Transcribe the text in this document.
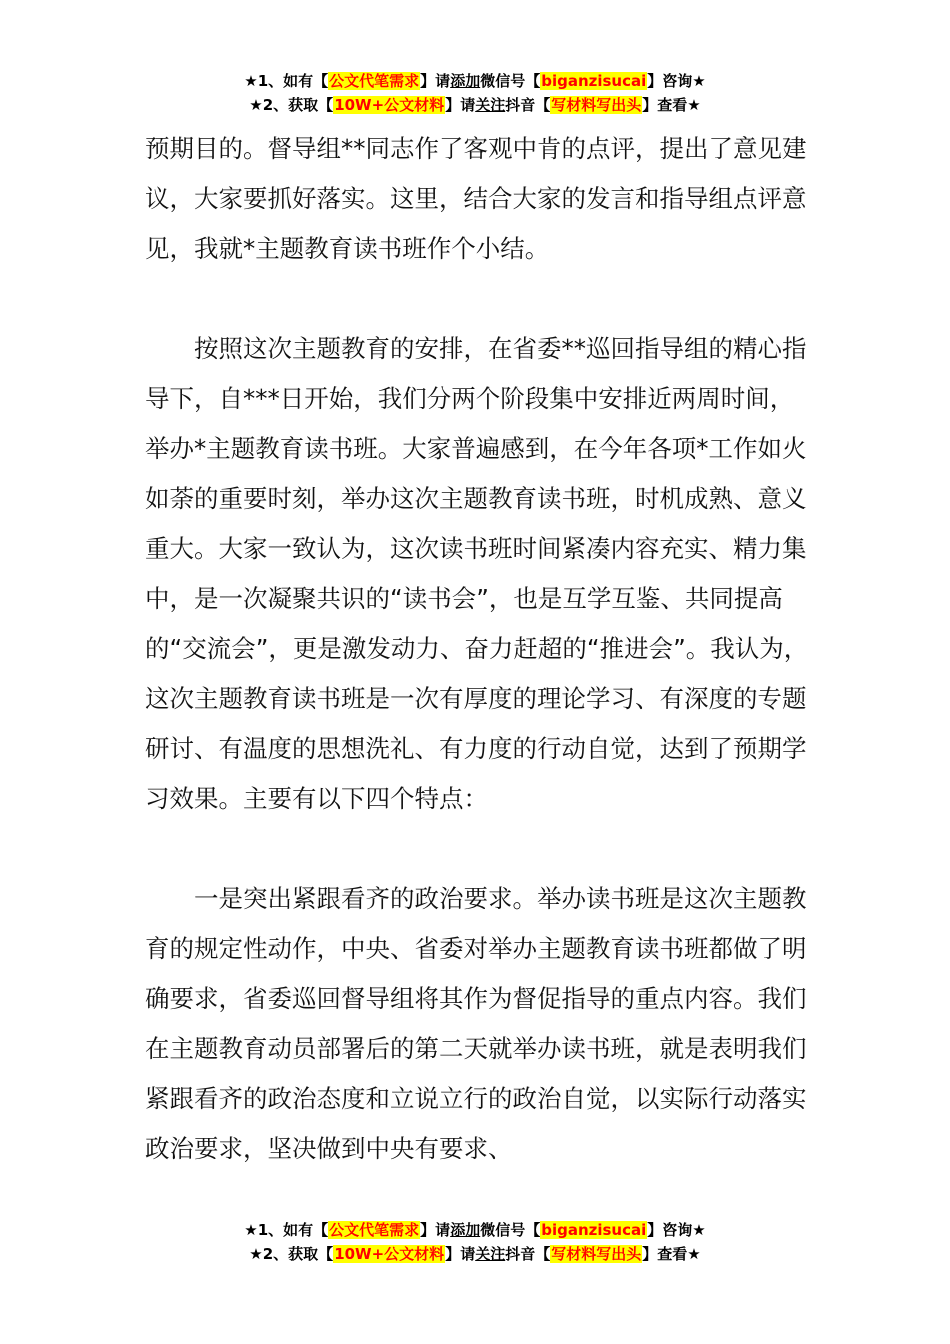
★1、如有【公文代笔需求】请添加微信号【biganzisucai】咨询★
★2、获取【10W+公文材料】请关注抖音【写材料写出头】查看★

预期目的。督导组**同志作了客观中肯的点评，提出了意见建议，大家要抓好落实。这里，结合大家的发言和指导组点评意见，我就*主题教育读书班作个小结。

按照这次主题教育的安排，在省委**巡回指导组的精心指导下，自***日开始，我们分两个阶段集中安排近两周时间，举办*主题教育读书班。大家普遍感到，在今年各项*工作如火如荼的重要时刻，举办这次主题教育读书班，时机成熟、意义重大。大家一致认为，这次读书班时间紧凑内容充实、精力集中，是一次凝聚共识的“读书会”，也是互学互鉴、共同提高的“交流会”，更是激发动力、奋力赶超的“推进会”。我认为，这次主题教育读书班是一次有厚度的理论学习、有深度的专题研讨、有温度的思想洗礼、有力度的行动自觉，达到了预期学习效果。主要有以下四个特点：

一是突出紧跟看齐的政治要求。举办读书班是这次主题教育的规定性动作，中央、省委对举办主题教育读书班都做了明确要求，省委巡回督导组将其作为督促指导的重点内容。我们在主题教育动员部署后的第二天就举办读书班，就是表明我们紧跟看齐的政治态度和立说立行的政治自觉，以实际行动落实政治要求，坚决做到中央有要求、

★1、如有【公文代笔需求】请添加微信号【biganzisucai】咨询★
★2、获取【10W+公文材料】请关注抖音【写材料写出头】查看★
